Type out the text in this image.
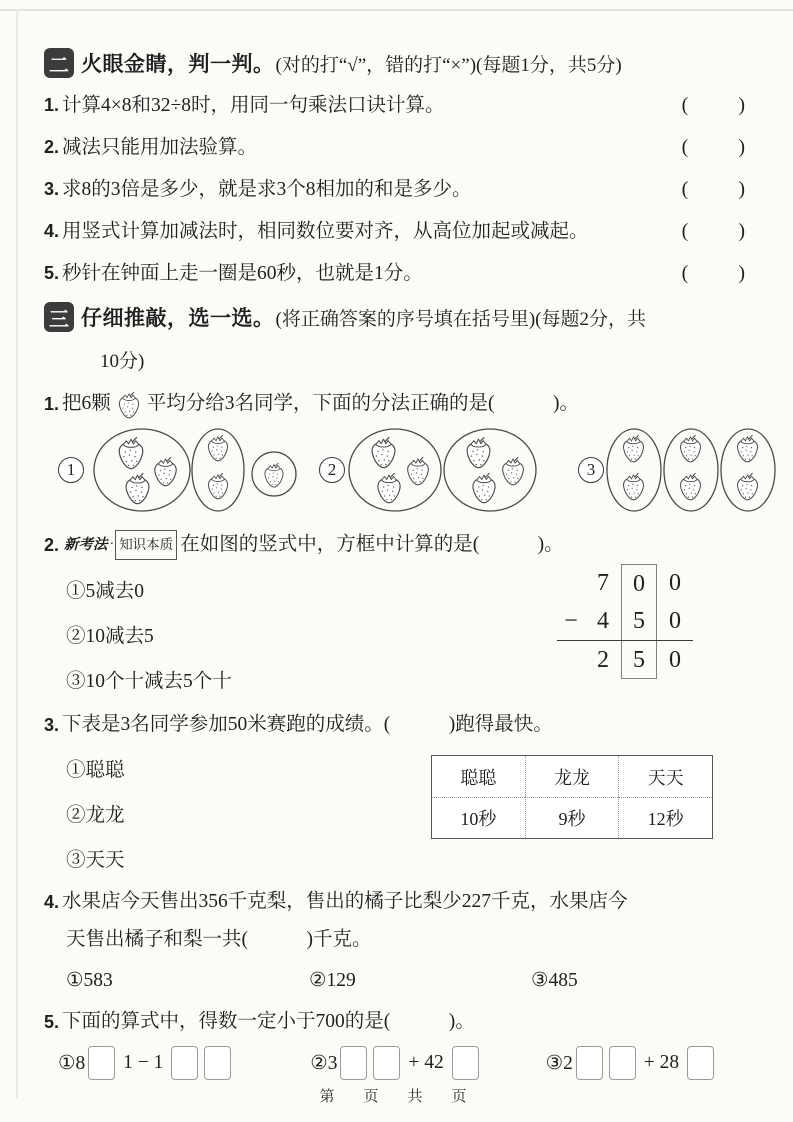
二 火眼金睛，判一判。 (对的打“√”，错的打“×”)(每题1分，共5分)
1. 计算4×8和32÷8时，用同一句乘法口诀计算。	(          )
2. 减法只能用加法验算。	(          )
3. 求8的3倍是多少，就是求3个8相加的和是多少。	(          )
4. 用竖式计算加减法时，相同数位要对齐，从高位加起或减起。	(          )
5. 秒针在钟面上走一圈是60秒，也就是1分。	(          )
三 仔细推敲，选一选。 (将正确答案的序号填在括号里)(每题2分，共
10分)
1. 把6颗 平均分给3名同学，下面的分法正确的是(　　　)。
1	2	3
2. 新考法 · 知识本质 在如图的竖式中，方框中计算的是(　　　)。
①5减去0
②10减去5
③10个十减去5个十
7	0	0
− 4	5	0
2	5	0
3. 下表是3名同学参加50米赛跑的成绩。(　　　)跑得最快。
①聪聪
②龙龙
③天天
聪聪	龙龙	天天
10秒	9秒	12秒
4. 水果店今天售出356千克梨，售出的橘子比梨少227千克，水果店今
天售出橘子和梨一共(　　　)千克。
①583	②129	③485
5. 下面的算式中，得数一定小于700的是(　　　)。
①8 1 − 1	②3	+ 42	③2	+ 28
第　页　共　页
